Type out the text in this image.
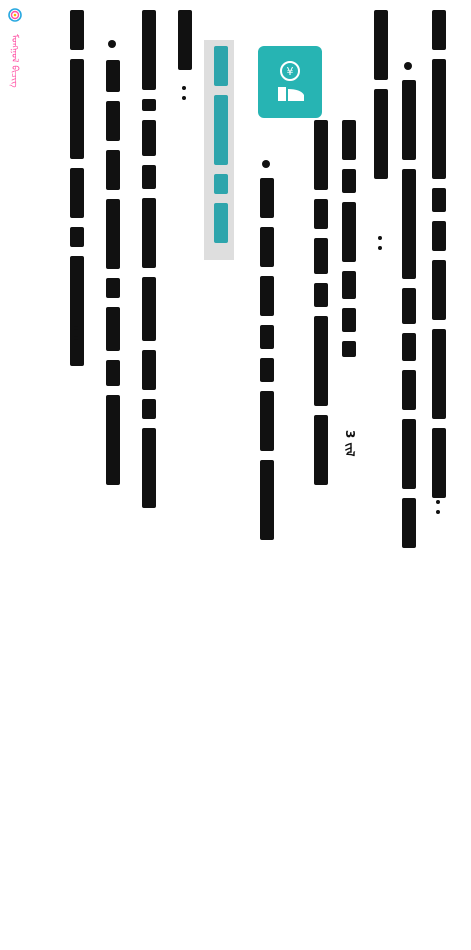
ᠮᠣᠩᠭᠣᠯ ᠪᠢᠴᠢᠭ᠌
3 ᠵᠢᠯ
¥
